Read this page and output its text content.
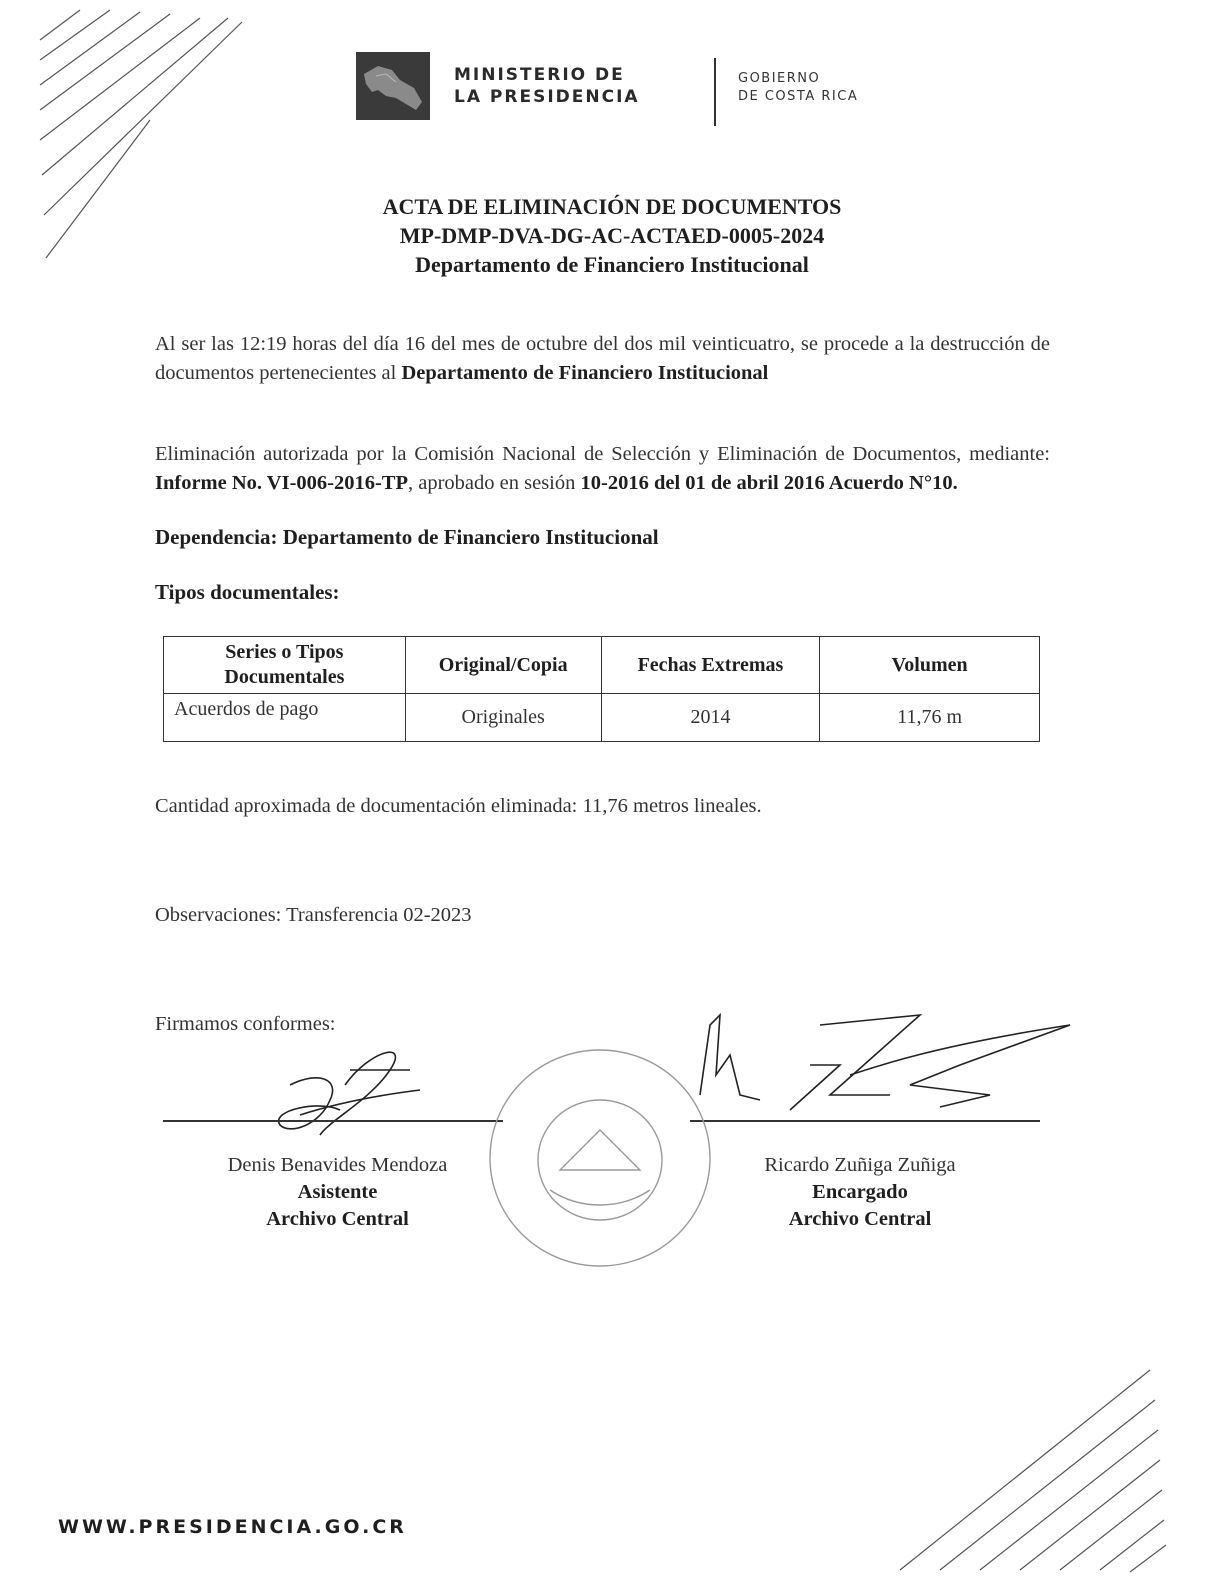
MINISTERIO DE
LA PRESIDENCIA
GOBIERNO
DE COSTA RICA
ACTA DE ELIMINACIÓN DE DOCUMENTOS
MP-DMP-DVA-DG-AC-ACTAED-0005-2024
Departamento de Financiero Institucional
Al ser las 12:19 horas del día 16 del mes de octubre del dos mil veinticuatro, se procede a la destrucción de documentos pertenecientes al Departamento de Financiero Institucional
Eliminación autorizada por la Comisión Nacional de Selección y Eliminación de Documentos, mediante: Informe No. VI-006-2016-TP, aprobado en sesión 10-2016 del 01 de abril 2016 Acuerdo N°10.
Dependencia: Departamento de Financiero Institucional
Tipos documentales:
Series o Tipos Documentales	Original/Copia	Fechas Extremas	Volumen
Acuerdos de pago	Originales	2014	11,76 m
Cantidad aproximada de documentación eliminada: 11,76 metros lineales.
Observaciones: Transferencia 02-2023
Firmamos conformes:
Denis Benavides Mendoza
Asistente
Archivo Central
Ricardo Zuñiga Zuñiga
Encargado
Archivo Central
WWW.PRESIDENCIA.GO.CR
